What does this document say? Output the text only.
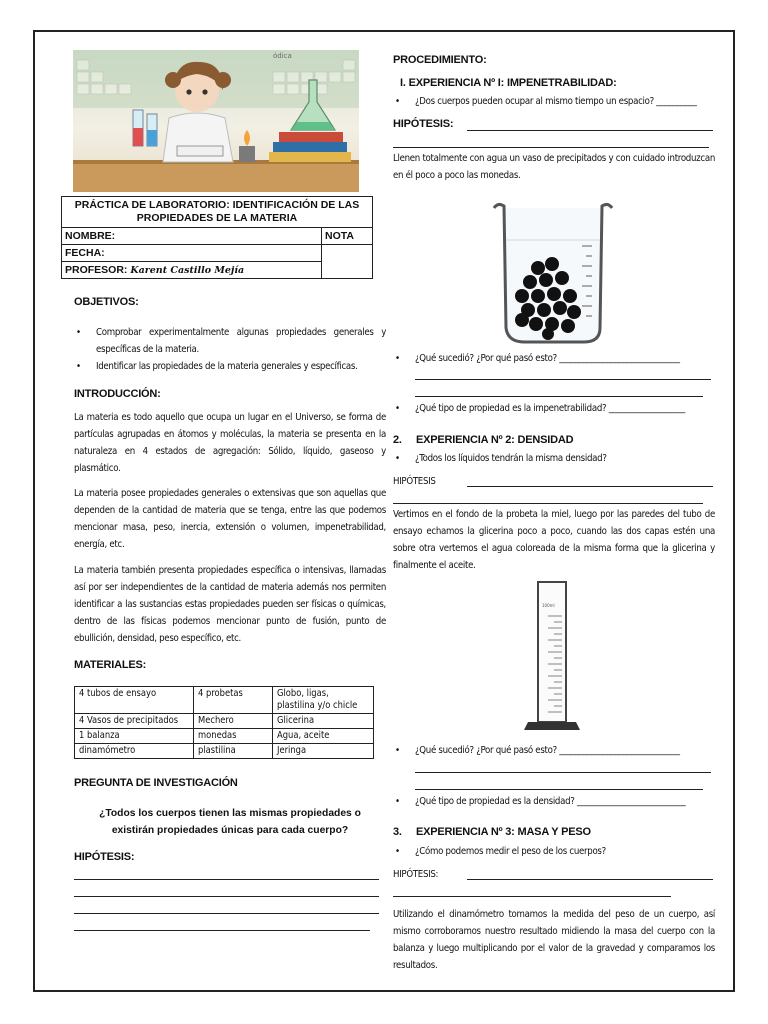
ódica
PRÁCTICA DE LABORATORIO: IDENTIFICACIÓN DE LAS PROPIEDADES DE LA MATERIA	
NOMBRE:	NOTA
FECHA:	
PROFESOR: Karent Castillo Mejía	
OBJETIVOS:
• Comprobar experimentalmente algunas propiedades generales y específicas de la materia.
• Identificar las propiedades de la materia generales y específicas.
INTRODUCCIÓN:
La materia es todo aquello que ocupa un lugar en el Universo, se forma de partículas agrupadas en átomos y moléculas, la materia se presenta en la naturaleza en 4 estados de agregación: Sólido, líquido, gaseoso y plasmático.
La materia posee propiedades generales o extensivas que son aquellas que dependen de la cantidad de materia que se tenga, entre las que podemos mencionar masa, peso, inercia, extensión o volumen, impenetrabilidad, energía, etc.
La materia también presenta propiedades específica o intensivas, llamadas así por ser independientes de la cantidad de materia además nos permiten identificar a las sustancias estas propiedades pueden ser físicas o químicas, dentro de las físicas podemos mencionar punto de fusión, punto de ebullición, densidad, peso específico, etc.
MATERIALES:
4 tubos de ensayo	4 probetas	Globo, ligas, plastilina y/o chicle
4 Vasos de precipitados	Mechero	Glicerina
1 balanza	monedas	Agua, aceite
dinamómetro	plastilina	Jeringa
PREGUNTA DE INVESTIGACIÓN
¿Todos los cuerpos tienen las mismas propiedades o existirán propiedades únicas para cada cuerpo?
HIPÓTESIS:
PROCEDIMIENTO:
I. EXPERIENCIA Nº I: IMPENETRABILIDAD:
• ¿Dos cuerpos pueden ocupar al mismo tiempo un espacio? __________
HIPÓTESIS:
Llenen totalmente con agua un vaso de precipitados y con cuidado introduzcan en él poco a poco las monedas.
• ¿Qué sucedió? ¿Por qué pasó esto? ______________________________
• ¿Qué tipo de propiedad es la impenetrabilidad? ___________________
2. EXPERIENCIA Nº 2: DENSIDAD
• ¿Todos los líquidos tendrán la misma densidad?
HIPÓTESIS
Vertimos en el fondo de la probeta la miel, luego por las paredes del tubo de ensayo echamos la glicerina poco a poco, cuando las dos capas estén una sobre otra vertemos el agua coloreada de la misma forma que la glicerina y finalmente el aceite.
100ml
• ¿Qué sucedió? ¿Por qué pasó esto? ______________________________
• ¿Qué tipo de propiedad es la densidad? ___________________________
3. EXPERIENCIA Nº 3: MASA Y PESO
• ¿Cómo podemos medir el peso de los cuerpos?
HIPÓTESIS:
Utilizando el dinamómetro tomamos la medida del peso de un cuerpo, así mismo corroboramos nuestro resultado midiendo la masa del cuerpo con la balanza y luego multiplicando por el valor de la gravedad y comparamos los resultados.
